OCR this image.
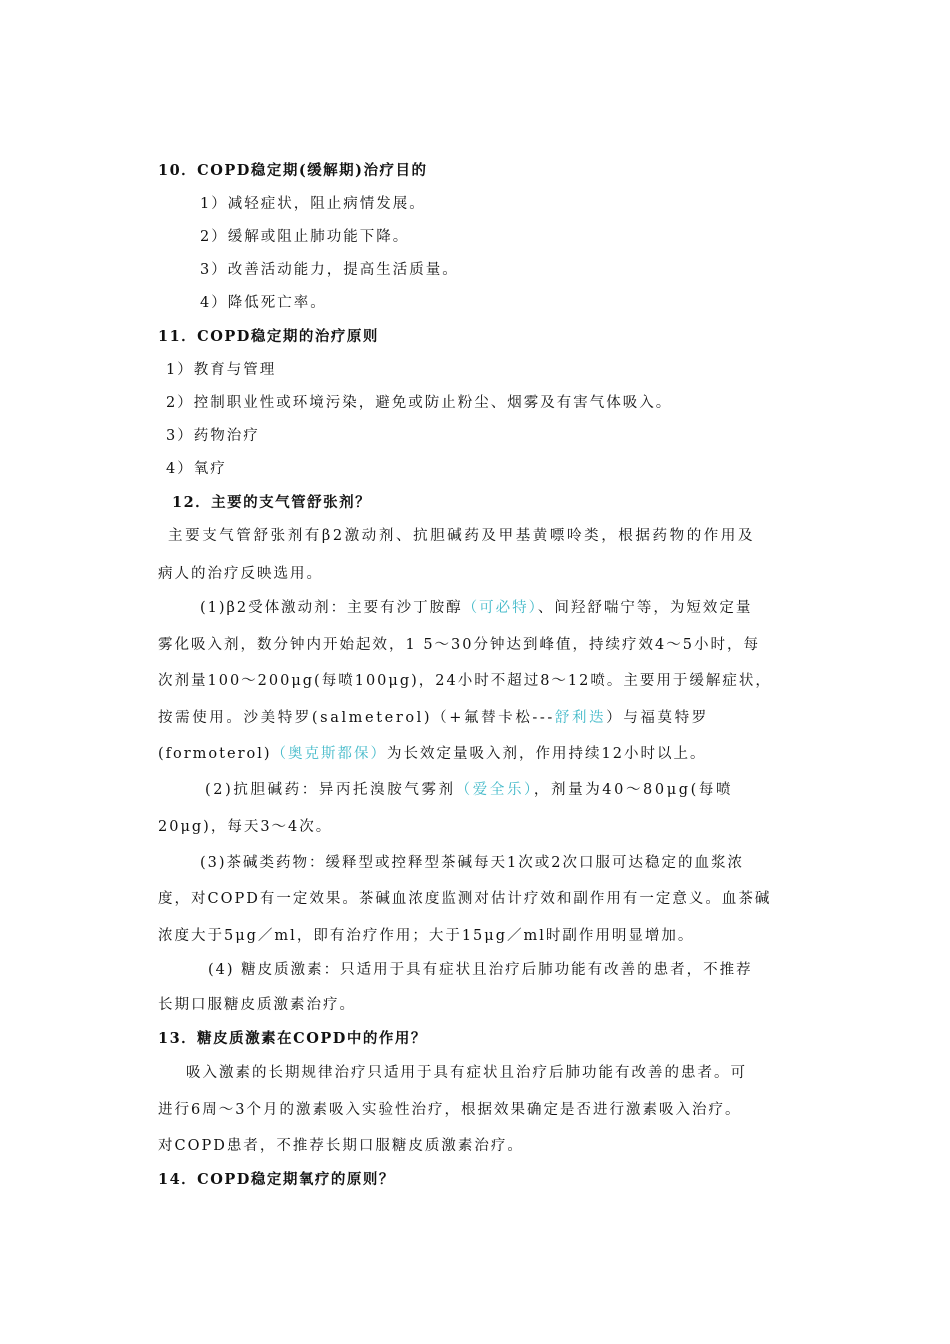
10．COPD稳定期(缓解期)治疗目的
1）减轻症状，阻止病情发展。
2）缓解或阻止肺功能下降。
3）改善活动能力，提高生活质量。
4）降低死亡率。
11．COPD稳定期的治疗原则
1）教育与管理
2）控制职业性或环境污染，避免或防止粉尘、烟雾及有害气体吸入。
3）药物治疗
4）氧疗
12．主要的支气管舒张剂？
主要支气管舒张剂有β2激动剂、抗胆碱药及甲基黄嘌呤类，根据药物的作用及
病人的治疗反映选用。
(1)β2受体激动剂：主要有沙丁胺醇（可必特）、间羟舒喘宁等，为短效定量
雾化吸入剂，数分钟内开始起效，1 5～30分钟达到峰值，持续疗效4～5小时，每
次剂量100～200μg(每喷100μg)，24小时不超过8～12喷。主要用于缓解症状，
按需使用。沙美特罗(salmeterol)（+氟替卡松---舒利迭）与福莫特罗
(formoterol)（奥克斯都保）为长效定量吸入剂，作用持续12小时以上。
(2)抗胆碱药：异丙托溴胺气雾剂（爱全乐），剂量为40～80μg(每喷
20μg)，每天3～4次。
(3)茶碱类药物：缓释型或控释型茶碱每天1次或2次口服可达稳定的血浆浓
度，对COPD有一定效果。茶碱血浓度监测对估计疗效和副作用有一定意义。血茶碱
浓度大于5μg／ml，即有治疗作用；大于15μg／ml时副作用明显增加。
(4) 糖皮质激素：只适用于具有症状且治疗后肺功能有改善的患者，不推荐
长期口服糖皮质激素治疗。
13．糖皮质激素在COPD中的作用？
吸入激素的长期规律治疗只适用于具有症状且治疗后肺功能有改善的患者。可
进行6周～3个月的激素吸入实验性治疗，根据效果确定是否进行激素吸入治疗。
对COPD患者，不推荐长期口服糖皮质激素治疗。
14．COPD稳定期氧疗的原则？
